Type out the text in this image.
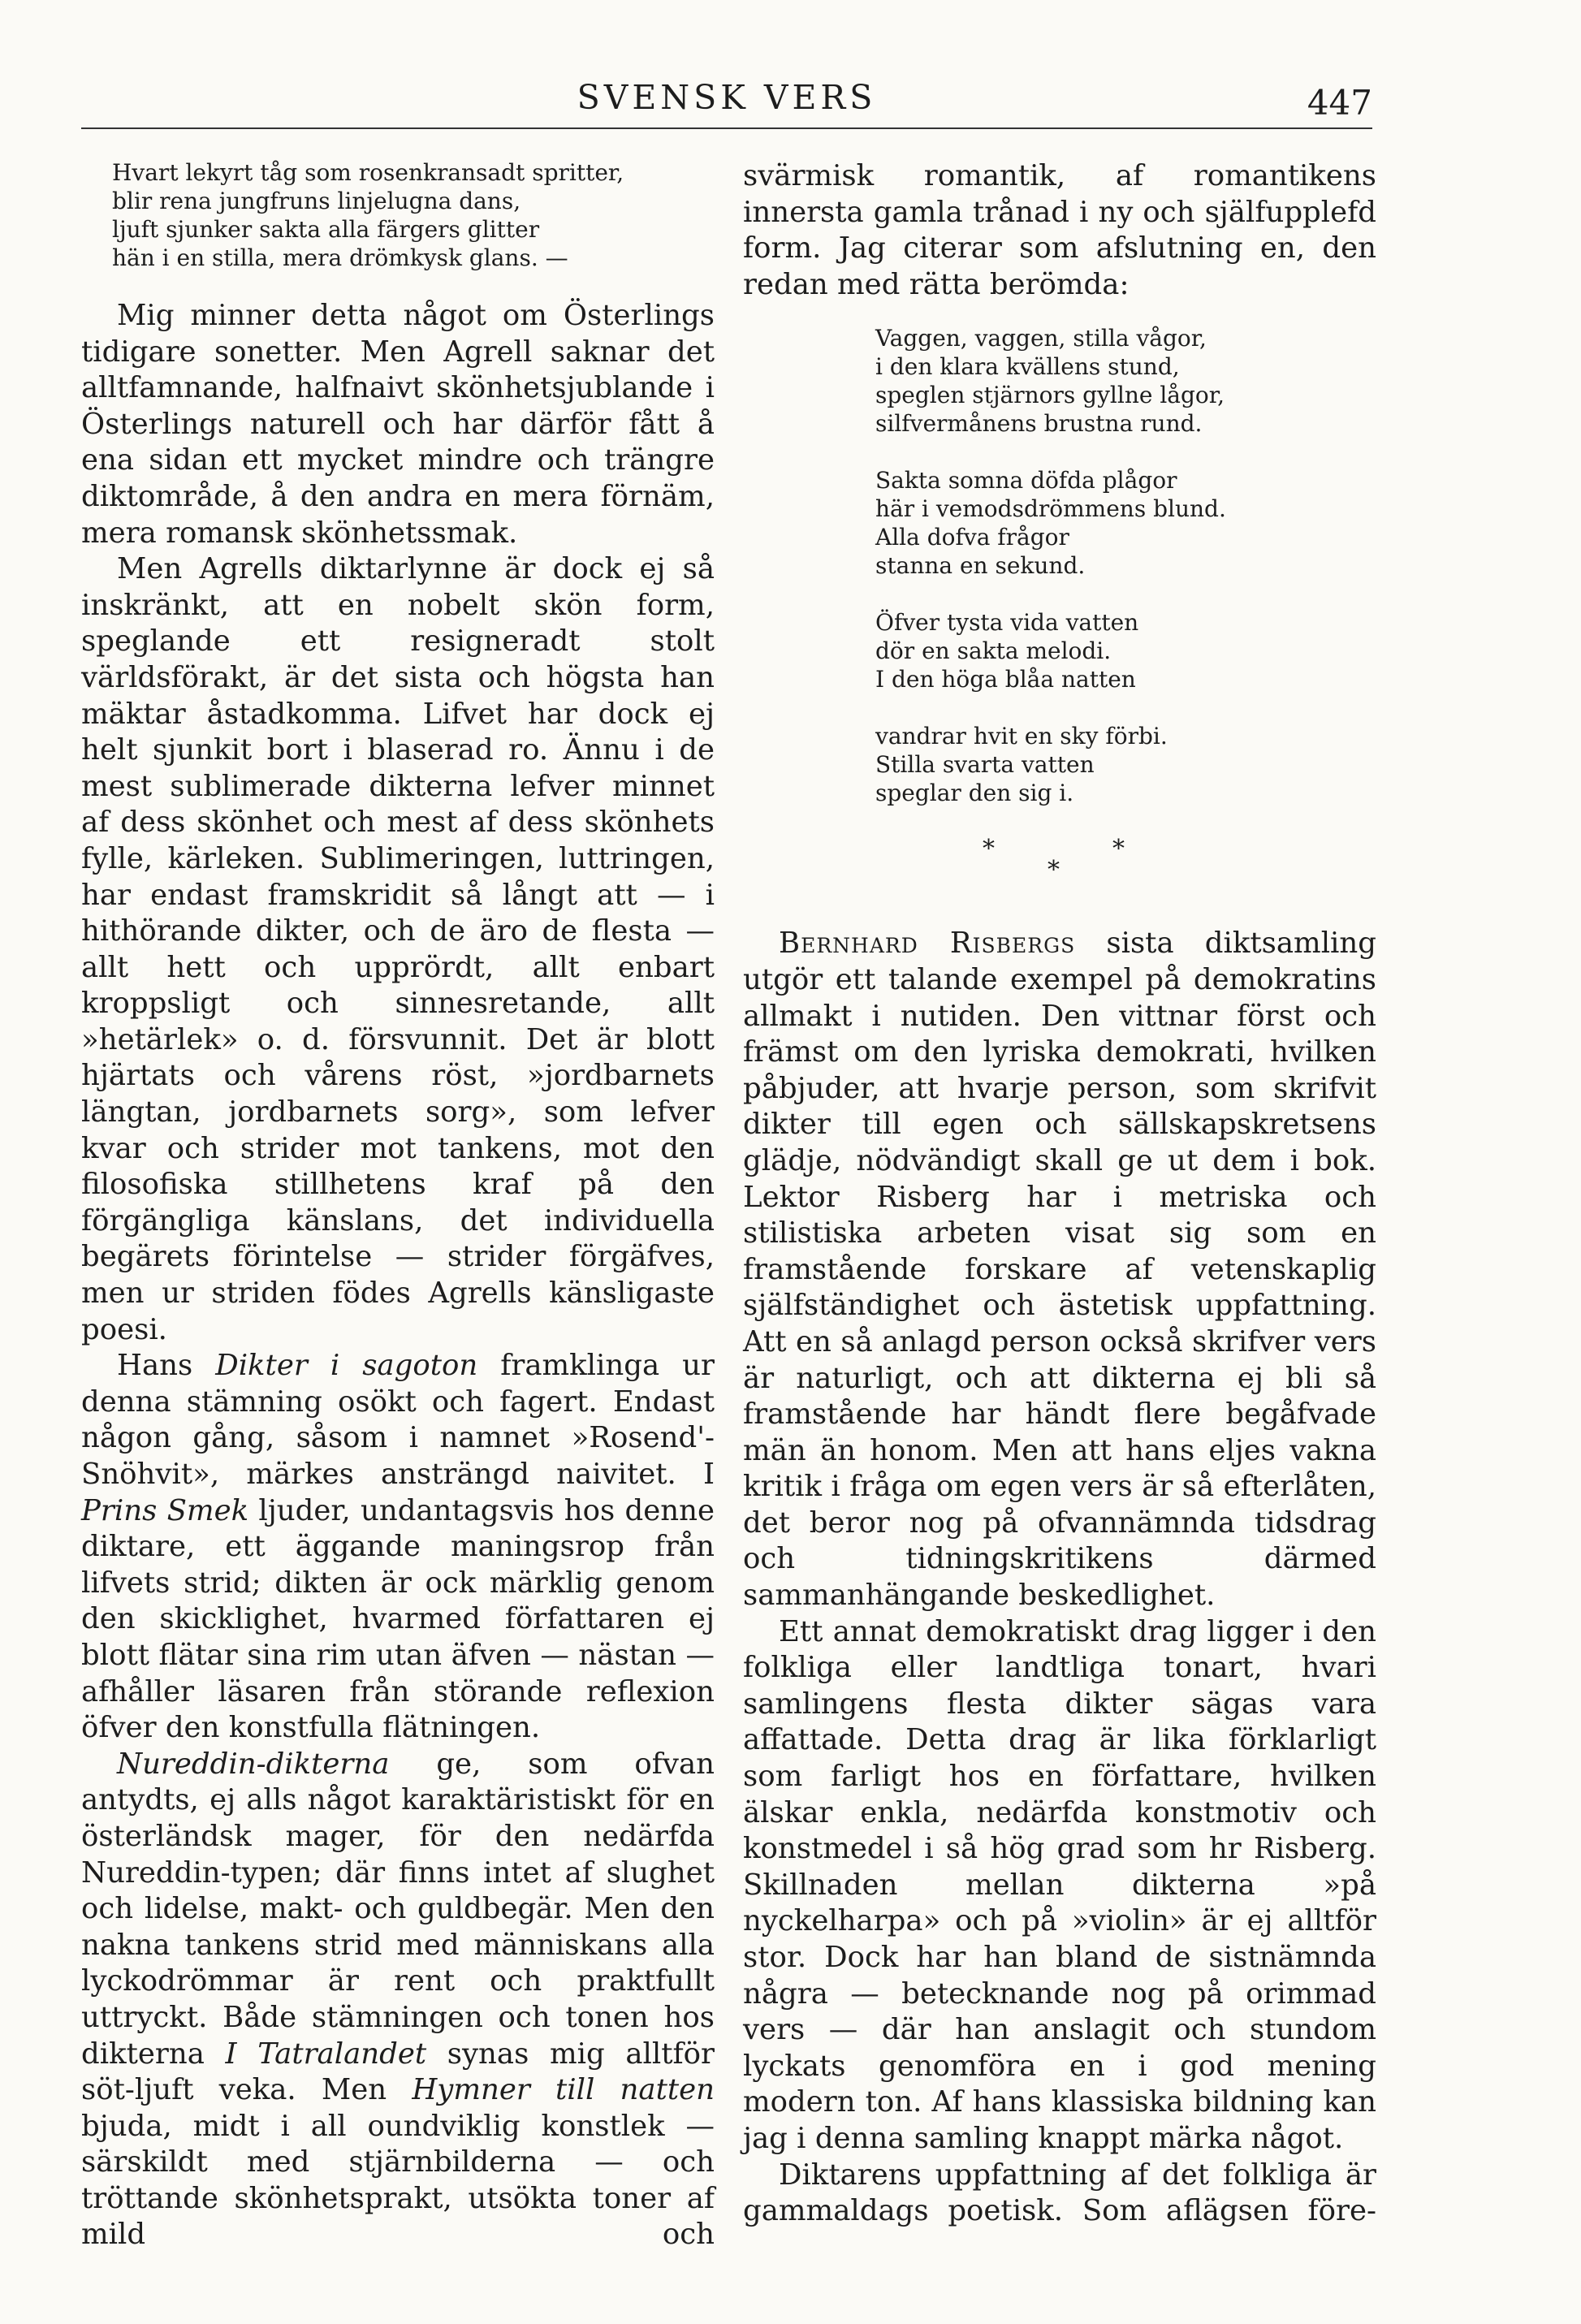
SVENSK VERS	447
Hvart lekyrt tåg som rosenkransadt spritter,
blir rena jungfruns linjelugna dans,
ljuft sjunker sakta alla färgers glitter
hän i en stilla, mera drömkysk glans. —

Mig minner detta något om Österlings tidigare sonetter. Men Agrell saknar det alltfamnande, halfnaivt skönhetsjublande i Österlings naturell och har därför fått å ena sidan ett mycket mindre och trängre diktområde, å den andra en mera förnäm, mera romansk skönhetssmak.

Men Agrells diktarlynne är dock ej så inskränkt, att en nobelt skön form, speglande ett resigneradt stolt världsförakt, är det sista och högsta han mäktar åstadkomma. Lifvet har dock ej helt sjunkit bort i blaserad ro. Ännu i de mest sublimerade dikterna lefver minnet af dess skönhet och mest af dess skönhets fylle, kärleken. Sublimeringen, luttringen, har endast framskridit så långt att — i hithörande dikter, och de äro de flesta — allt hett och upprördt, allt enbart kroppsligt och sinnesretande, allt »hetärlek» o. d. försvunnit. Det är blott hjärtats och vårens röst, »jordbarnets längtan, jordbarnets sorg», som lefver kvar och strider mot tankens, mot den filosofiska stillhetens kraf på den förgängliga känslans, det individuella begärets förintelse — strider förgäfves, men ur striden födes Agrells känsligaste poesi.

Hans Dikter i sagoton framklinga ur denna stämning osökt och fagert. Endast någon gång, såsom i namnet »Rosend'-Snöhvit», märkes ansträngd naivitet. I Prins Smek ljuder, undantagsvis hos denne diktare, ett äggande maningsrop från lifvets strid; dikten är ock märklig genom den skicklighet, hvarmed författaren ej blott flätar sina rim utan äfven — nästan — afhåller läsaren från störande reflexion öfver den konstfulla flätningen.

Nureddin-dikterna ge, som ofvan antydts, ej alls något karaktäristiskt för en österländsk mager, för den nedärfda Nureddin-typen; där finns intet af slughet och lidelse, makt- och guldbegär. Men den nakna tankens strid med människans alla lyckodrömmar är rent och praktfullt uttryckt. Både stämningen och tonen hos dikterna I Tatralandet synas mig alltför söt-ljuft veka. Men Hymner till natten bjuda, midt i all oundviklig konstlek — särskildt med stjärnbilderna — och tröttande skönhetsprakt, utsökta toner af mild och

svärmisk romantik, af romantikens innersta gamla trånad i ny och själfupplefd form. Jag citerar som afslutning en, den redan med rätta berömda:

Vaggen, vaggen, stilla vågor,
i den klara kvällens stund,
speglen stjärnors gyllne lågor,
silfvermånens brustna rund.
Sakta somna döfda plågor
här i vemodsdrömmens blund.
Alla dofva frågor
stanna en sekund.
Öfver tysta vida vatten
dör en sakta melodi.
I den höga blåa natten
vandrar hvit en sky förbi.
Stilla svarta vatten
speglar den sig i.
*
*
*

Bernhard Risbergs sista diktsamling utgör ett talande exempel på demokratins allmakt i nutiden. Den vittnar först och främst om den lyriska demokrati, hvilken påbjuder, att hvarje person, som skrifvit dikter till egen och sällskapskretsens glädje, nödvändigt skall ge ut dem i bok. Lektor Risberg har i metriska och stilistiska arbeten visat sig som en framstående forskare af vetenskaplig själfständighet och ästetisk uppfattning. Att en så anlagd person också skrifver vers är naturligt, och att dikterna ej bli så framstående har händt flere begåfvade män än honom. Men att hans eljes vakna kritik i fråga om egen vers är så efterlåten, det beror nog på ofvannämnda tidsdrag och tidningskritikens därmed sammanhängande beskedlighet.

Ett annat demokratiskt drag ligger i den folkliga eller landtliga tonart, hvari samlingens flesta dikter sägas vara affattade. Detta drag är lika förklarligt som farligt hos en författare, hvilken älskar enkla, nedärfda konstmotiv och konstmedel i så hög grad som hr Risberg. Skillnaden mellan dikterna »på nyckelharpa» och på »violin» är ej alltför stor. Dock har han bland de sistnämnda några — betecknande nog på orimmad vers — där han anslagit och stundom lyckats genomföra en i god mening modern ton. Af hans klassiska bildning kan jag i denna samling knappt märka något.

Diktarens uppfattning af det folkliga är gammaldags poetisk. Som aflägsen före-
